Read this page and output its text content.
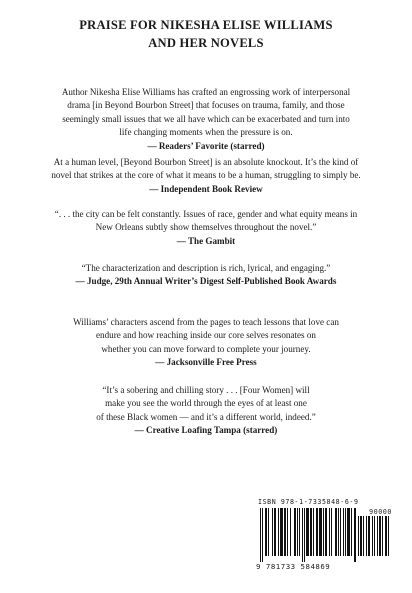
PRAISE FOR NIKESHA ELISE WILLIAMS
AND HER NOVELS

Author Nikesha Elise Williams has crafted an engrossing work of interpersonal

drama [in Beyond Bourbon Street] that focuses on trauma, family, and those

seemingly small issues that we all have which can be exacerbated and turn into

life changing moments when the pressure is on.

— Readers’ Favorite (starred)

At a human level, [Beyond Bourbon Street] is an absolute knockout. It’s the kind of

novel that strikes at the core of what it means to be a human, struggling to simply be.

— Independent Book Review

“. . . the city can be felt constantly. Issues of race, gender and what equity means in

New Orleans subtly show themselves throughout the novel.”

— The Gambit

“The characterization and description is rich, lyrical, and engaging.”

— Judge, 29th Annual Writer’s Digest Self-Published Book Awards

Williams’ characters ascend from the pages to teach lessons that love can

endure and how reaching inside our core selves resonates on

whether you can move forward to complete your journey.

— Jacksonville Free Press

“It’s a sobering and chilling story . . . [Four Women] will

make you see the world through the eyes of at least one

of these Black women — and it’s a different world, indeed.”

— Creative Loafing Tampa (starred)

ISBN 978-1-7335848-6-9
90000
9 781733 584869
